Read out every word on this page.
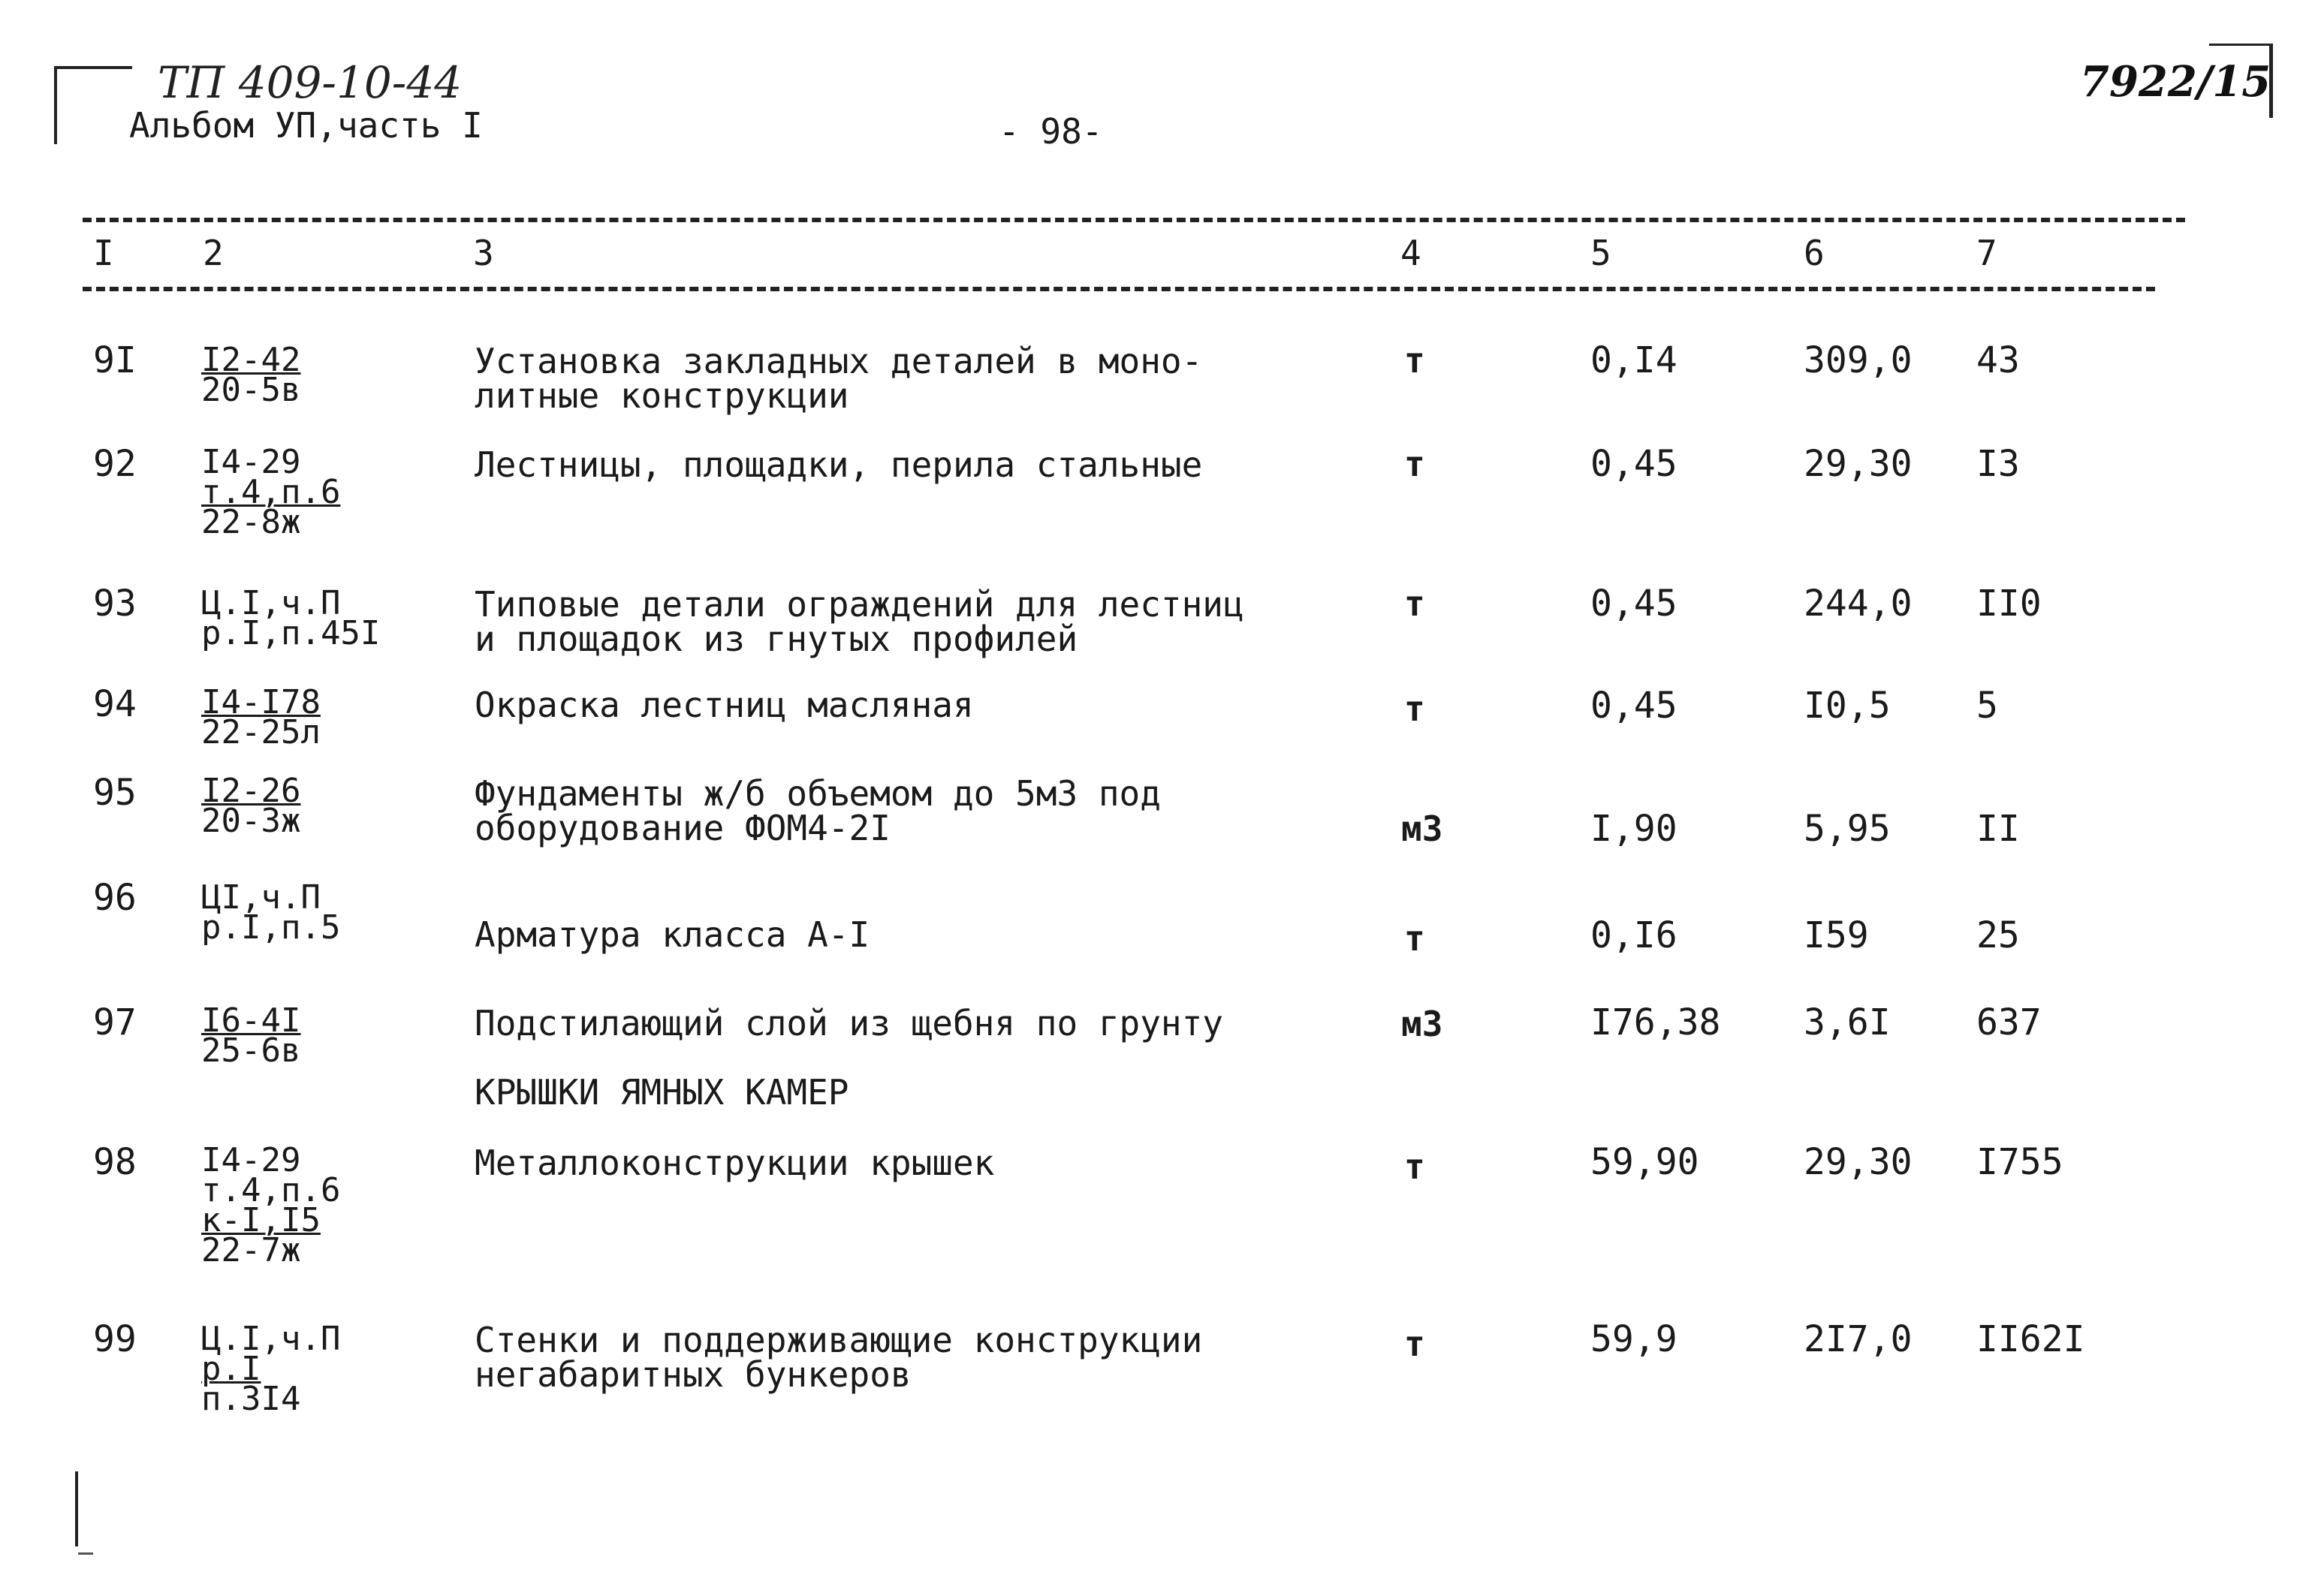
ТП 409-10-44
Альбом УП,часть I	- 98-
7922/15
I	2	3	4	5	6	7
9I I2-42
20-5в
Установка закладных деталей в моно-
литные конструкции
т	0,I4	309,0 43
92 I4-29
т.4,п.6
22-8ж
Лестницы, площадки, перила стальные	т	0,45	29,30 I3
93 Ц.I,ч.П
р.I,п.45I
Типовые детали ограждений для лестниц
и площадок из гнутых профилей
т	0,45	244,0 II0
94 I4-I78
22-25л
Окраска лестниц масляная	т	0,45	I0,5 5
95 I2-26
20-3ж
Фундаменты ж/б объемом до 5м3 под
оборудование ФОМ4-2I	м3	I,90	5,95 II
96 ЦI,ч.П
р.I,п.5	Арматура класса А-I	т	0,I6	I59	25
97 I6-4I
25-6в
Подстилающий слой из щебня по грунту	м3	I76,38 3,6I 637
КРЫШКИ ЯМНЫХ КАМЕР
98 I4-29
т.4,п.6
к-I,I5
22-7ж
Металлоконструкции крышек	т	59,90	29,30 I755
99 Ц.I,ч.П
р.I
п.3I4
Стенки и поддерживающие конструкции
негабаритных бункеров
т	59,9	2I7,0 II62I
